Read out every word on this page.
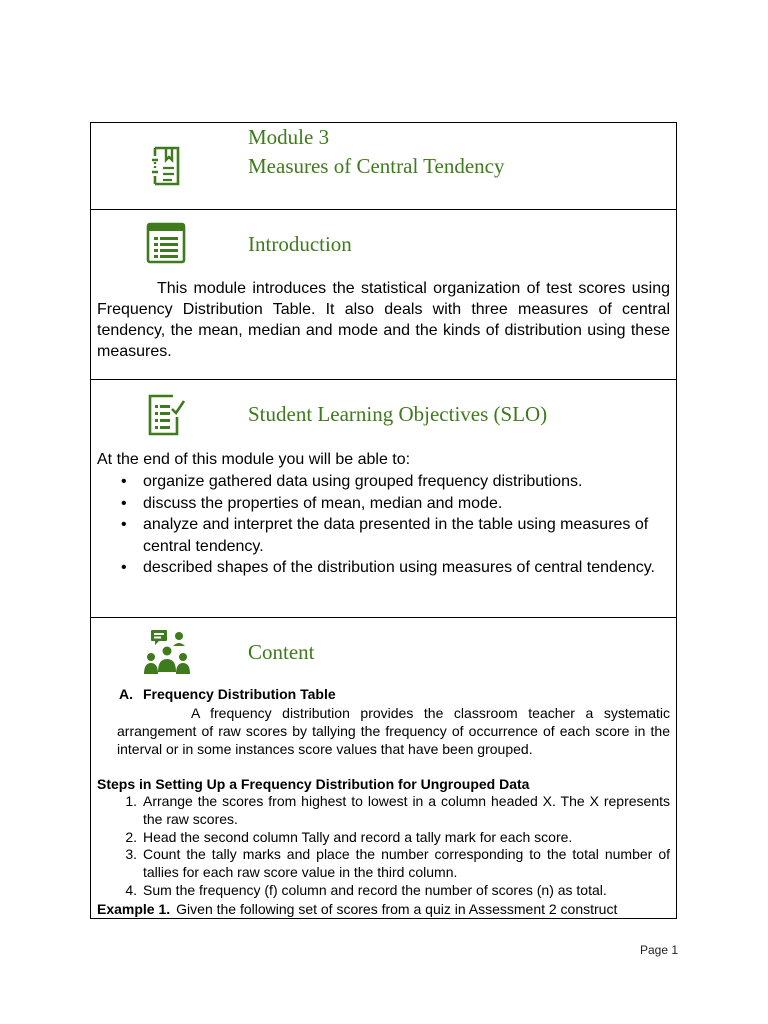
Module 3
Measures of Central Tendency
Introduction
This module introduces the statistical organization of test scores using Frequency Distribution Table. It also deals with three measures of central tendency, the mean, median and mode and the kinds of distribution using these measures.
Student Learning Objectives (SLO)
At the end of this module you will be able to:
• organize gathered data using grouped frequency distributions.
• discuss the properties of mean, median and mode.
• analyze and interpret the data presented in the table using measures of central tendency.
• described shapes of the distribution using measures of central tendency.
Content
A. Frequency Distribution Table
A frequency distribution provides the classroom teacher a systematic arrangement of raw scores by tallying the frequency of occurrence of each score in the interval or in some instances score values that have been grouped.
Steps in Setting Up a Frequency Distribution for Ungrouped Data
1. Arrange the scores from highest to lowest in a column headed X. The X represents the raw scores.
2. Head the second column Tally and record a tally mark for each score.
3. Count the tally marks and place the number corresponding to the total number of tallies for each raw score value in the third column.
4. Sum the frequency (f) column and record the number of scores (n) as total.
Example 1. Given the following set of scores from a quiz in Assessment 2 construct
Page 1
